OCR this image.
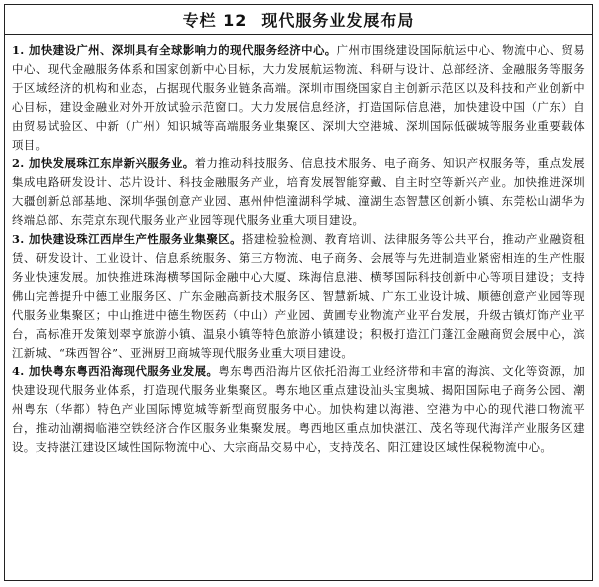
专栏 12 现代服务业发展布局

1. 加快建设广州、深圳具有全球影响力的现代服务经济中心。广州市围绕建设国际航运中心、物流中心、贸易中心、现代金融服务体系和国家创新中心目标，大力发展航运物流、科研与设计、总部经济、金融服务等服务于区域经济的机构和业态，占据现代服务业链条高端。深圳市围绕国家自主创新示范区以及科技和产业创新中心目标，建设金融业对外开放试验示范窗口。大力发展信息经济，打造国际信息港，加快建设中国（广东）自由贸易试验区、中新（广州）知识城等高端服务业集聚区、深圳大空港城、深圳国际低碳城等服务业重要载体项目。

2. 加快发展珠江东岸新兴服务业。着力推动科技服务、信息技术服务、电子商务、知识产权服务等，重点发展集成电路研发设计、芯片设计、科技金融服务产业，培育发展智能穿戴、自主时空等新兴产业。加快推进深圳大疆创新总部基地、深圳华强创意产业园、惠州仲恺潼湖科学城、潼湖生态智慧区创新小镇、东莞松山湖华为终端总部、东莞京东现代服务业产业园等现代服务业重大项目建设。

3. 加快建设珠江西岸生产性服务业集聚区。搭建检验检测、教育培训、法律服务等公共平台，推动产业融资租赁、研发设计、工业设计、信息系统服务、第三方物流、电子商务、会展等与先进制造业紧密相连的生产性服务业快速发展。加快推进珠海横琴国际金融中心大厦、珠海信息港、横琴国际科技创新中心等项目建设；支持佛山完善提升中德工业服务区、广东金融高新技术服务区、智慧新城、广东工业设计城、顺德创意产业园等现代服务业集聚区；中山推进中德生物医药（中山）产业园、黄圃专业物流产业平台发展，升级古镇灯饰产业平台，高标准开发策划翠亨旅游小镇、温泉小镇等特色旅游小镇建设；积极打造江门蓬江金融商贸会展中心，滨江新城、“珠西智谷”、亚洲厨卫商城等现代服务业重大项目建设。

4. 加快粤东粤西沿海现代服务业发展。粤东粤西沿海片区依托沿海工业经济带和丰富的海滨、文化等资源，加快建设现代服务业体系，打造现代服务业集聚区。粤东地区重点建设汕头宝奥城、揭阳国际电子商务公园、潮州粤东（华都）特色产业国际博览城等新型商贸服务中心。加快构建以海港、空港为中心的现代港口物流平台，推动汕潮揭临港空铁经济合作区服务业集聚发展。粤西地区重点加快湛江、茂名等现代海洋产业服务区建设。支持湛江建设区域性国际物流中心、大宗商品交易中心，支持茂名、阳江建设区域性保税物流中心。
